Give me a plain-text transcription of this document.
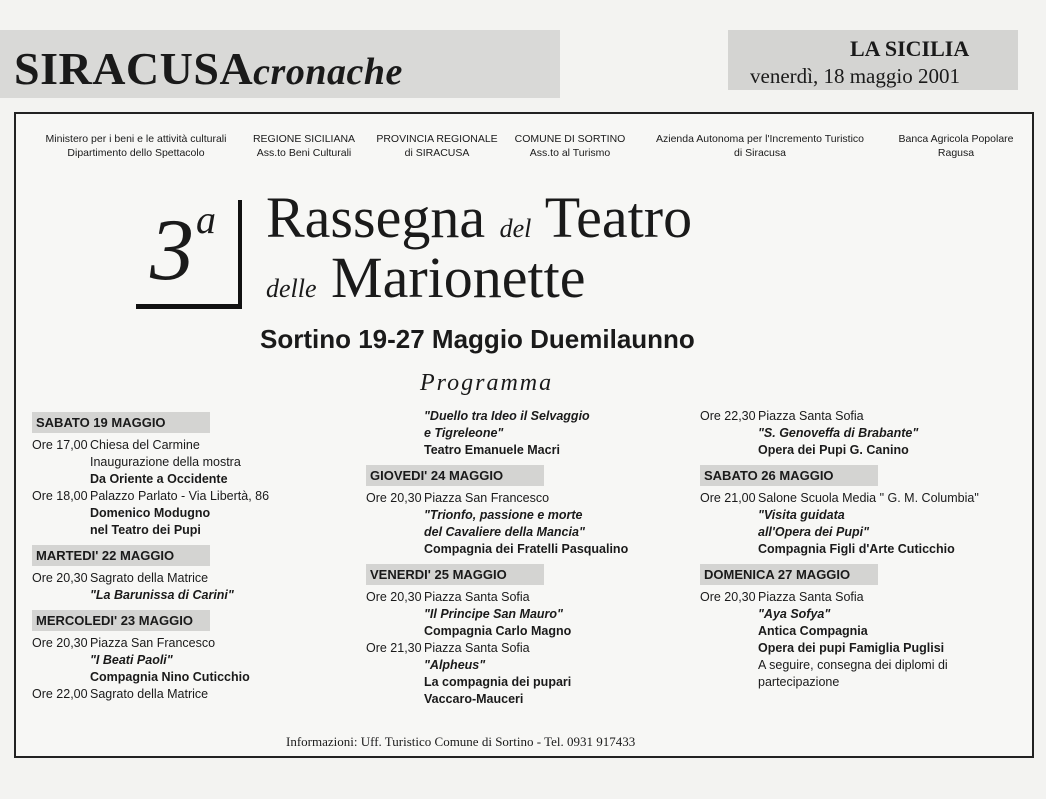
SIRACUSAcronache
LA SICILIA
venerdì, 18 maggio 2001
Ministero per i beni e le attività culturali
Dipartimento dello Spettacolo
REGIONE SICILIANA
Ass.to Beni Culturali
PROVINCIA REGIONALE
di SIRACUSA
COMUNE DI SORTINO
Ass.to al Turismo
Azienda Autonoma per l'Incremento Turistico
di Siracusa
Banca Agricola Popolare
Ragusa
3 a Rassegna del Teatro
delle Marionette
Sortino 19-27 Maggio Duemilaunno
Programma
SABATO 19 MAGGIO
Ore 17,00 Chiesa del Carmine
Inaugurazione della mostra
Da Oriente a Occidente
Ore 18,00 Palazzo Parlato - Via Libertà, 86
Domenico Modugno
nel Teatro dei Pupi
MARTEDI' 22 MAGGIO
Ore 20,30 Sagrato della Matrice
"La Barunissa di Carini"
MERCOLEDI' 23 MAGGIO
Ore 20,30 Piazza San Francesco
"I Beati Paoli"
Compagnia Nino Cuticchio
Ore 22,00 Sagrato della Matrice
"Duello tra Ideo il Selvaggio
e Tigreleone"
Teatro Emanuele Macri
GIOVEDI' 24 MAGGIO
Ore 20,30 Piazza San Francesco
"Trionfo, passione e morte
del Cavaliere della Mancia"
Compagnia dei Fratelli Pasqualino
VENERDI' 25 MAGGIO
Ore 20,30 Piazza Santa Sofia
"Il Principe San Mauro"
Compagnia Carlo Magno
Ore 21,30 Piazza Santa Sofia
"Alpheus"
La compagnia dei pupari
Vaccaro-Mauceri
Ore 22,30 Piazza Santa Sofia
"S. Genoveffa di Brabante"
Opera dei Pupi G. Canino
SABATO 26 MAGGIO
Ore 21,00 Salone Scuola Media " G. M. Columbia"
"Visita guidata
all'Opera dei Pupi"
Compagnia Figli d'Arte Cuticchio
DOMENICA 27 MAGGIO
Ore 20,30 Piazza Santa Sofia
"Aya Sofya"
Antica Compagnia
Opera dei pupi Famiglia Puglisi
A seguire, consegna dei diplomi di
partecipazione
Informazioni: Uff. Turistico Comune di Sortino - Tel. 0931 917433
